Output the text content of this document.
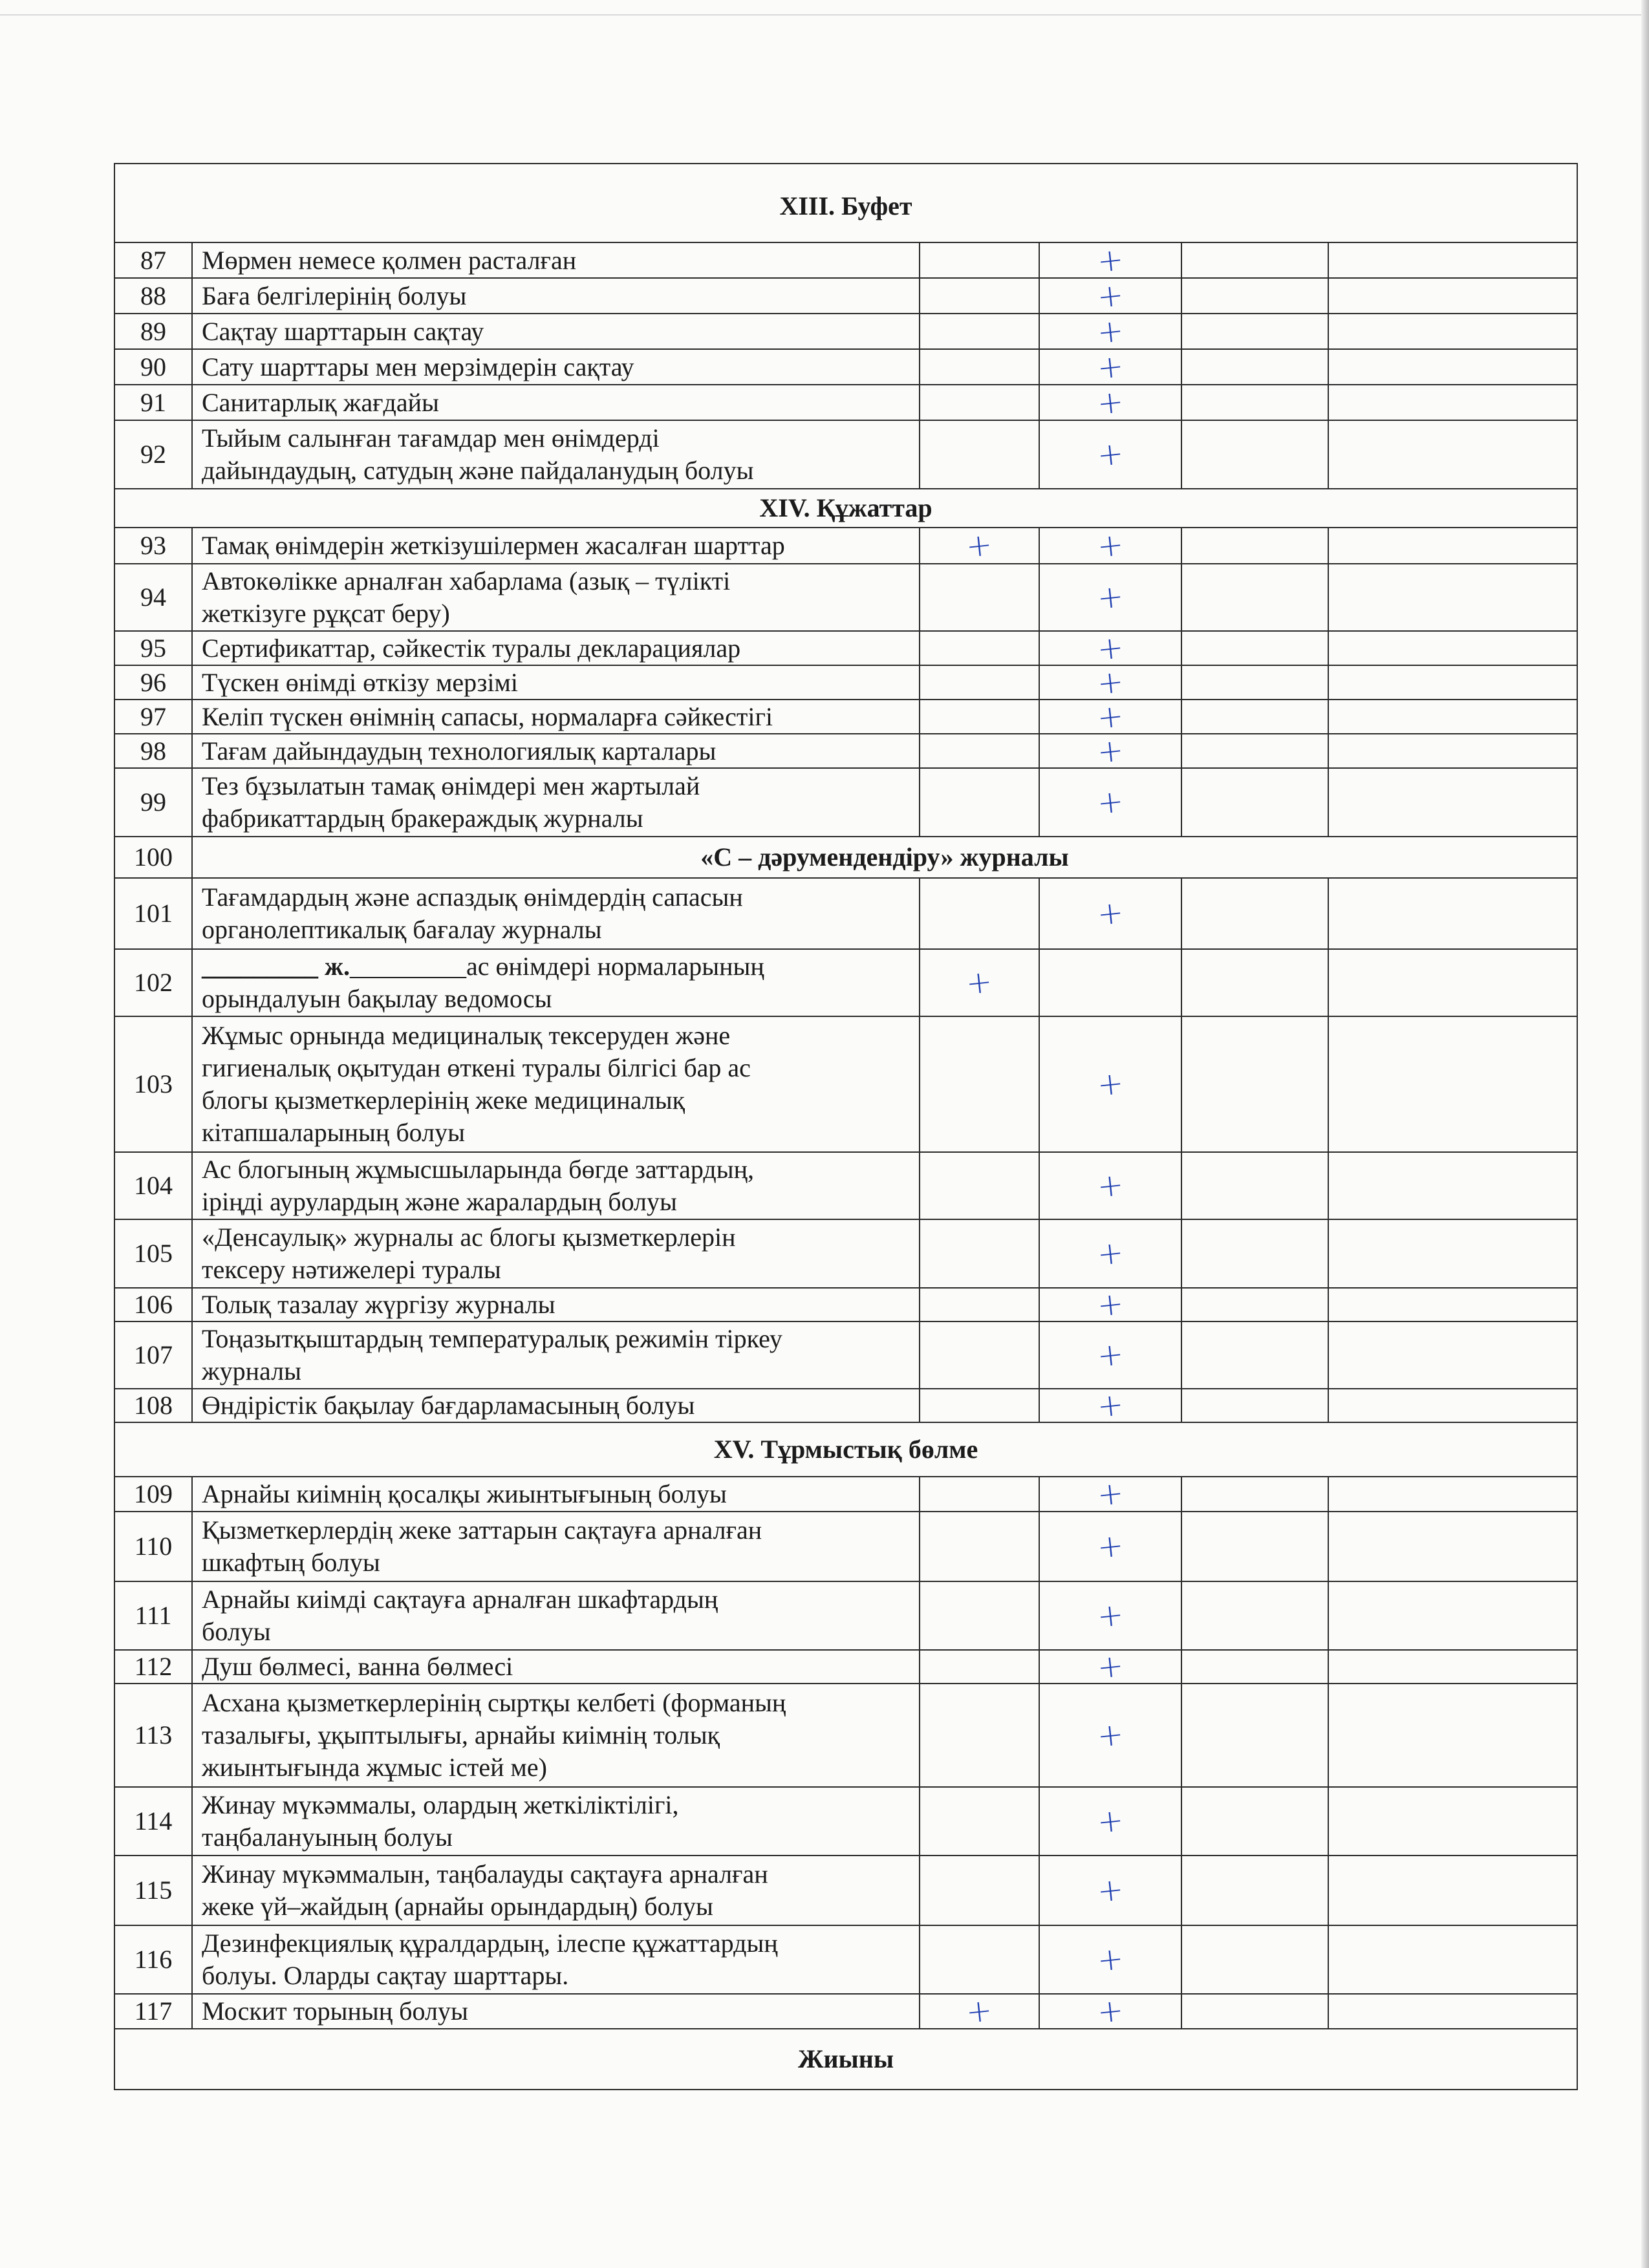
XIII. Буфет					
87	Мөрмен немесе қолмен расталған		+		
88	Баға белгілерінің болуы		+		
89	Сақтау шарттарын сақтау		+		
90	Сату шарттары мен мерзімдерін сақтау		+		
91	Санитарлық жағдайы		+		
92	Тыйым салынған тағамдар мен өнімдерді
дайындаудың, сатудың және пайдаланудың болуы		+		
XIV. Құжаттар					
93	Тамақ өнімдерін жеткізушілермен жасалған шарттар	+	+		
94	Автокөлікке арналған хабарлама (азық – түлікті
жеткізуге рұқсат беру)		+		
95	Сертификаттар, сәйкестік туралы декларациялар		+		
96	Түскен өнімді өткізу мерзімі		+		
97	Келіп түскен өнімнің сапасы, нормаларға сәйкестігі		+		
98	Тағам дайындаудың технологиялық карталары		+		
99	Тез бұзылатын тамақ өнімдері мен жартылай
фабрикаттардың бракераждық журналы		+		
100	«С – дәрумендендіру» журналы				
101	Тағамдардың және аспаздық өнімдердің сапасын
органолептикалық бағалау журналы		+		
102	_________ ж._________ас өнімдері нормаларының
орындалуын бақылау ведомосы	+			
103	Жұмыс орнында медициналық тексеруден және
гигиеналық оқытудан өткені туралы білгісі бар ас
блогы қызметкерлерінің жеке медициналық
кітапшаларының болуы		+		
104	Ас блогының жұмысшыларында бөгде заттардың,
іріңді аурулардың және жаралардың болуы		+		
105	«Денсаулық» журналы ас блогы қызметкерлерін
тексеру нәтижелері туралы		+		
106	Толық тазалау жүргізу журналы		+		
107	Тоңазытқыштардың температуралық режимін тіркеу
журналы		+		
108	Өндірістік бақылау бағдарламасының болуы		+		
XV. Тұрмыстық бөлме					
109	Арнайы киімнің қосалқы жиынтығының болуы		+		
110	Қызметкерлердің жеке заттарын сақтауға арналған
шкафтың болуы		+		
111	Арнайы киімді сақтауға арналған шкафтардың
болуы		+		
112	Душ бөлмесі, ванна бөлмесі		+		
113	Асхана қызметкерлерінің сыртқы келбеті (форманың
тазалығы, ұқыптылығы, арнайы киімнің толық
жиынтығында жұмыс істей ме)		+		
114	Жинау мүкәммалы, олардың жеткіліктілігі,
таңбалануының болуы		+		
115	Жинау мүкәммалын, таңбалауды сақтауға арналған
жеке үй–жайдың (арнайы орындардың) болуы		+		
116	Дезинфекциялық құралдардың, ілеспе құжаттардың
болуы. Оларды сақтау шарттары.		+		
117	Москит торының болуы	+	+		
Жиыны					
